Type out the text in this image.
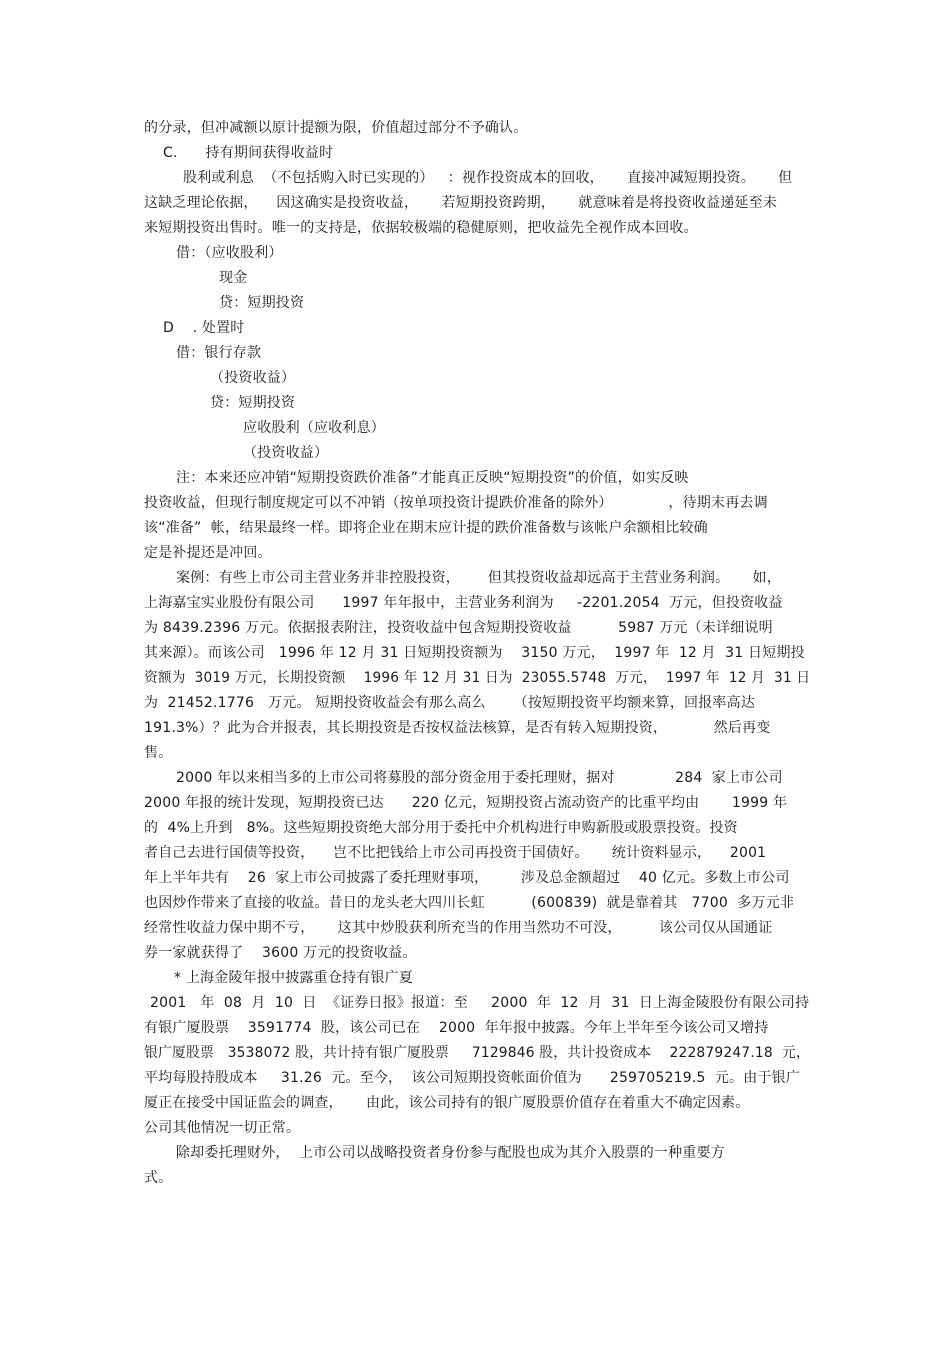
的分录，但冲减额以原计提额为限，价值超过部分不予确认。
C.      持有期间获得收益时
股利或利息  （不包括购入时已实现的）   ：视作投资成本的回收，     直接冲减短期投资。     但
这缺乏理论依据，    因这确实是投资收益，     若短期投资跨期，     就意味着是将投资收益递延至未
来短期投资出售时。唯一的支持是，依据较极端的稳健原则，把收益先全视作成本回收。
借：（应收股利）
现金
贷：短期投资
D    . 处置时
借：银行存款
（投资收益）
贷：短期投资
应收股利（应收利息）
（投资收益）
注：本来还应冲销“短期投资跌价准备”才能真正反映“短期投资”的价值，如实反映
投资收益，但现行制度规定可以不冲销（按单项投资计提跌价准备的除外）            ，待期末再去调
该“准备”  帐，结果最终一样。即将企业在期末应计提的跌价准备数与该帐户余额相比较确
定是补提还是冲回。
案例：有些上市公司主营业务并非控股投资，      但其投资收益却远高于主营业务利润。     如，
上海嘉宝实业股份有限公司      1997 年年报中，主营业务利润为     -2201.2054  万元，但投资收益
为 8439.2396 万元。依据报表附注，投资收益中包含短期投资收益          5987 万元（未详细说明
其来源）。而该公司   1996 年 12 月 31 日短期投资额为    3150 万元，  1997 年  12 月  31 日短期投
资额为  3019 万元，长期投资额    1996 年 12 月 31 日为  23055.5748  万元，  1997 年  12 月  31 日
为  21452.1776   万元。 短期投资收益会有那么高么      （按短期投资平均额来算，回报率高达
191.3%）？此为合并报表，其长期投资是否按权益法核算，是否有转入短期投资，          然后再变
售。
2000 年以来相当多的上市公司将募股的部分资金用于委托理财，据对             284  家上市公司
2000 年报的统计发现，短期投资已达      220 亿元，短期投资占流动资产的比重平均由       1999 年
的  4%上升到   8%。这些短期投资绝大部分用于委托中介机构进行申购新股或股票投资。投资
者自己去进行国债等投资，    岂不比把钱给上市公司再投资于国债好。     统计资料显示，    2001
年上半年共有    26  家上市公司披露了委托理财事项，       涉及总金额超过    40 亿元。多数上市公司
也因炒作带来了直接的收益。昔日的龙头老大四川长虹          (600839)  就是靠着其   7700  多万元非
经常性收益力保中期不亏，     这其中炒股获利所充当的作用当然功不可没，        该公司仅从国通证
券一家就获得了    3600 万元的投资收益。
* 上海金陵年报中披露重仓持有银广夏
2001   年  08  月  10  日  《证券日报》报道：至     2000  年  12  月  31  日上海金陵股份有限公司持
有银广厦股票    3591774  股，该公司已在    2000  年年报中披露。今年上半年至今该公司又增持
银广厦股票   3538072 股，共计持有银广厦股票     7129846 股，共计投资成本    222879247.18  元，
平均每股持股成本     31.26  元。至今，  该公司短期投资帐面价值为      259705219.5  元。由于银广
厦正在接受中国证监会的调查，     由此，该公司持有的银广厦股票价值存在着重大不确定因素。
公司其他情况一切正常。
除却委托理财外，  上市公司以战略投资者身份参与配股也成为其介入股票的一种重要方
式。
